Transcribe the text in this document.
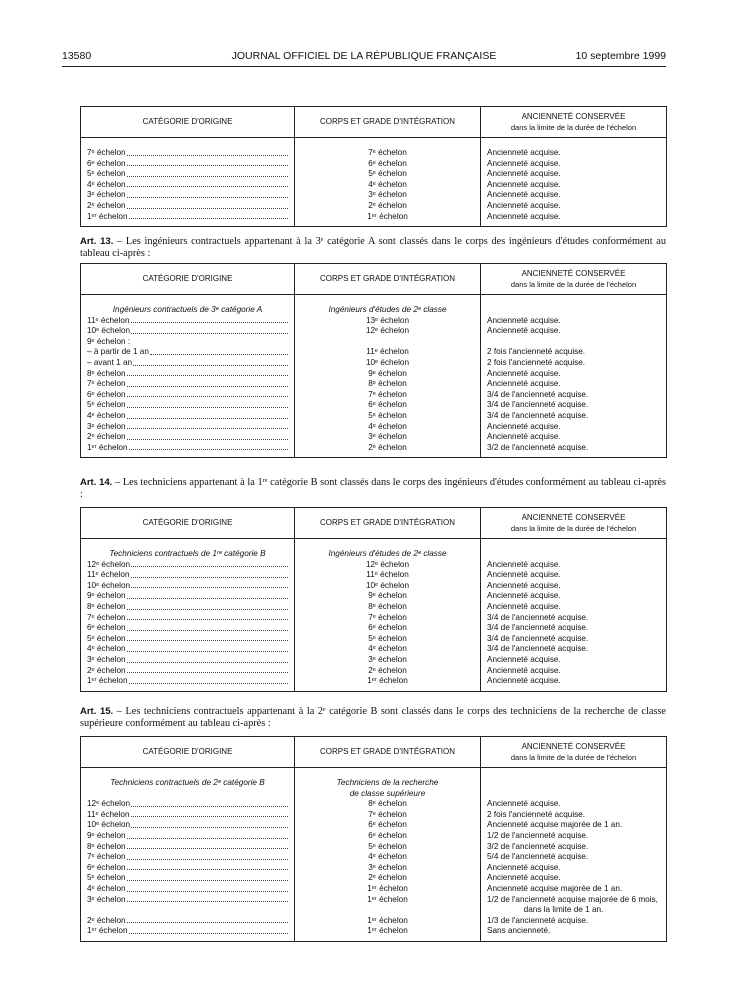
13580	JOURNAL OFFICIEL DE LA RÉPUBLIQUE FRANÇAISE	10 septembre 1999
CATÉGORIE D'ORIGINE	CORPS ET GRADE D'INTÉGRATION	ANCIENNETÉ CONSERVÉE
dans la limite de la durée de l'échelon

7ᵉ échelon	7ᵉ échelon	Ancienneté acquise.

6ᵉ échelon	6ᵉ échelon	Ancienneté acquise.

5ᵉ échelon	5ᵉ échelon	Ancienneté acquise.

4ᵉ échelon	4ᵉ échelon	Ancienneté acquise.

3ᵉ échelon	3ᵉ échelon	Ancienneté acquise.

2ᵉ échelon	2ᵉ échelon	Ancienneté acquise.

1ᵉʳ échelon	1ᵉʳ échelon	Ancienneté acquise.
Art. 13. – Les ingénieurs contractuels appartenant à la 3ᵉ catégorie A sont classés dans le corps des ingénieurs d'études conformément au tableau ci-après :
CATÉGORIE D'ORIGINE	CORPS ET GRADE D'INTÉGRATION	ANCIENNETÉ CONSERVÉE
dans la limite de la durée de l'échelon

Ingénieurs contractuels de 3ᵉ catégorie A	Ingénieurs d'études de 2ᵉ classe	

11ᵉ échelon	13ᵉ échelon	Ancienneté acquise.

10ᵉ échelon	12ᵉ échelon	Ancienneté acquise.

9ᵉ échelon :		

– à partir de 1 an	11ᵉ échelon	2 fois l'ancienneté acquise.

– avant 1 an	10ᵉ échelon	2 fois l'ancienneté acquise.

8ᵉ échelon	9ᵉ échelon	Ancienneté acquise.

7ᵉ échelon	8ᵉ échelon	Ancienneté acquise.

6ᵉ échelon	7ᵉ échelon	3/4 de l'ancienneté acquise.

5ᵉ échelon	6ᵉ échelon	3/4 de l'ancienneté acquise.

4ᵉ échelon	5ᵉ échelon	3/4 de l'ancienneté acquise.

3ᵉ échelon	4ᵉ échelon	Ancienneté acquise.

2ᵉ échelon	3ᵉ échelon	Ancienneté acquise.

1ᵉʳ échelon	2ᵉ échelon	3/2 de l'ancienneté acquise.
Art. 14. – Les techniciens appartenant à la 1ʳᵉ catégorie B sont classés dans le corps des ingénieurs d'études conformément au tableau ci-après :
CATÉGORIE D'ORIGINE	CORPS ET GRADE D'INTÉGRATION	ANCIENNETÉ CONSERVÉE
dans la limite de la durée de l'échelon

Techniciens contractuels de 1ʳᵉ catégorie B	Ingénieurs d'études de 2ᵉ classe	

12ᵉ échelon	12ᵉ échelon	Ancienneté acquise.

11ᵉ échelon	11ᵉ échelon	Ancienneté acquise.

10ᵉ échelon	10ᵉ échelon	Ancienneté acquise.

9ᵉ échelon	9ᵉ échelon	Ancienneté acquise.

8ᵉ échelon	8ᵉ échelon	Ancienneté acquise.

7ᵉ échelon	7ᵉ échelon	3/4 de l'ancienneté acquise.

6ᵉ échelon	6ᵉ échelon	3/4 de l'ancienneté acquise.

5ᵉ échelon	5ᵉ échelon	3/4 de l'ancienneté acquise.

4ᵉ échelon	4ᵉ échelon	3/4 de l'ancienneté acquise.

3ᵉ échelon	3ᵉ échelon	Ancienneté acquise.

2ᵉ échelon	2ᵉ échelon	Ancienneté acquise.

1ᵉʳ échelon	1ᵉʳ échelon	Ancienneté acquise.
Art. 15. – Les techniciens contractuels appartenant à la 2ᵉ catégorie B sont classés dans le corps des techniciens de la recherche de classe supérieure conformément au tableau ci-après :
CATÉGORIE D'ORIGINE	CORPS ET GRADE D'INTÉGRATION	ANCIENNETÉ CONSERVÉE
dans la limite de la durée de l'échelon

Techniciens contractuels de 2ᵉ catégorie B	Techniciens de la recherche
de classe supérieure	

12ᵉ échelon	8ᵉ échelon	Ancienneté acquise.

11ᵉ échelon	7ᵉ échelon	2 fois l'ancienneté acquise.

10ᵉ échelon	6ᵉ échelon	Ancienneté acquise majorée de 1 an.

9ᵉ échelon	6ᵉ échelon	1/2 de l'ancienneté acquise.

8ᵉ échelon	5ᵉ échelon	3/2 de l'ancienneté acquise.

7ᵉ échelon	4ᵉ échelon	5/4 de l'ancienneté acquise.

6ᵉ échelon	3ᵉ échelon	Ancienneté acquise.

5ᵉ échelon	2ᵉ échelon	Ancienneté acquise.

4ᵉ échelon	1ᵉʳ échelon	Ancienneté acquise majorée de 1 an.

3ᵉ échelon	1ᵉʳ échelon	1/2 de l'ancienneté acquise majorée de 6 mois,
dans la limite de 1 an.

2ᵉ échelon	1ᵉʳ échelon	1/3 de l'ancienneté acquise.

1ᵉʳ échelon	1ᵉʳ échelon	Sans ancienneté.
